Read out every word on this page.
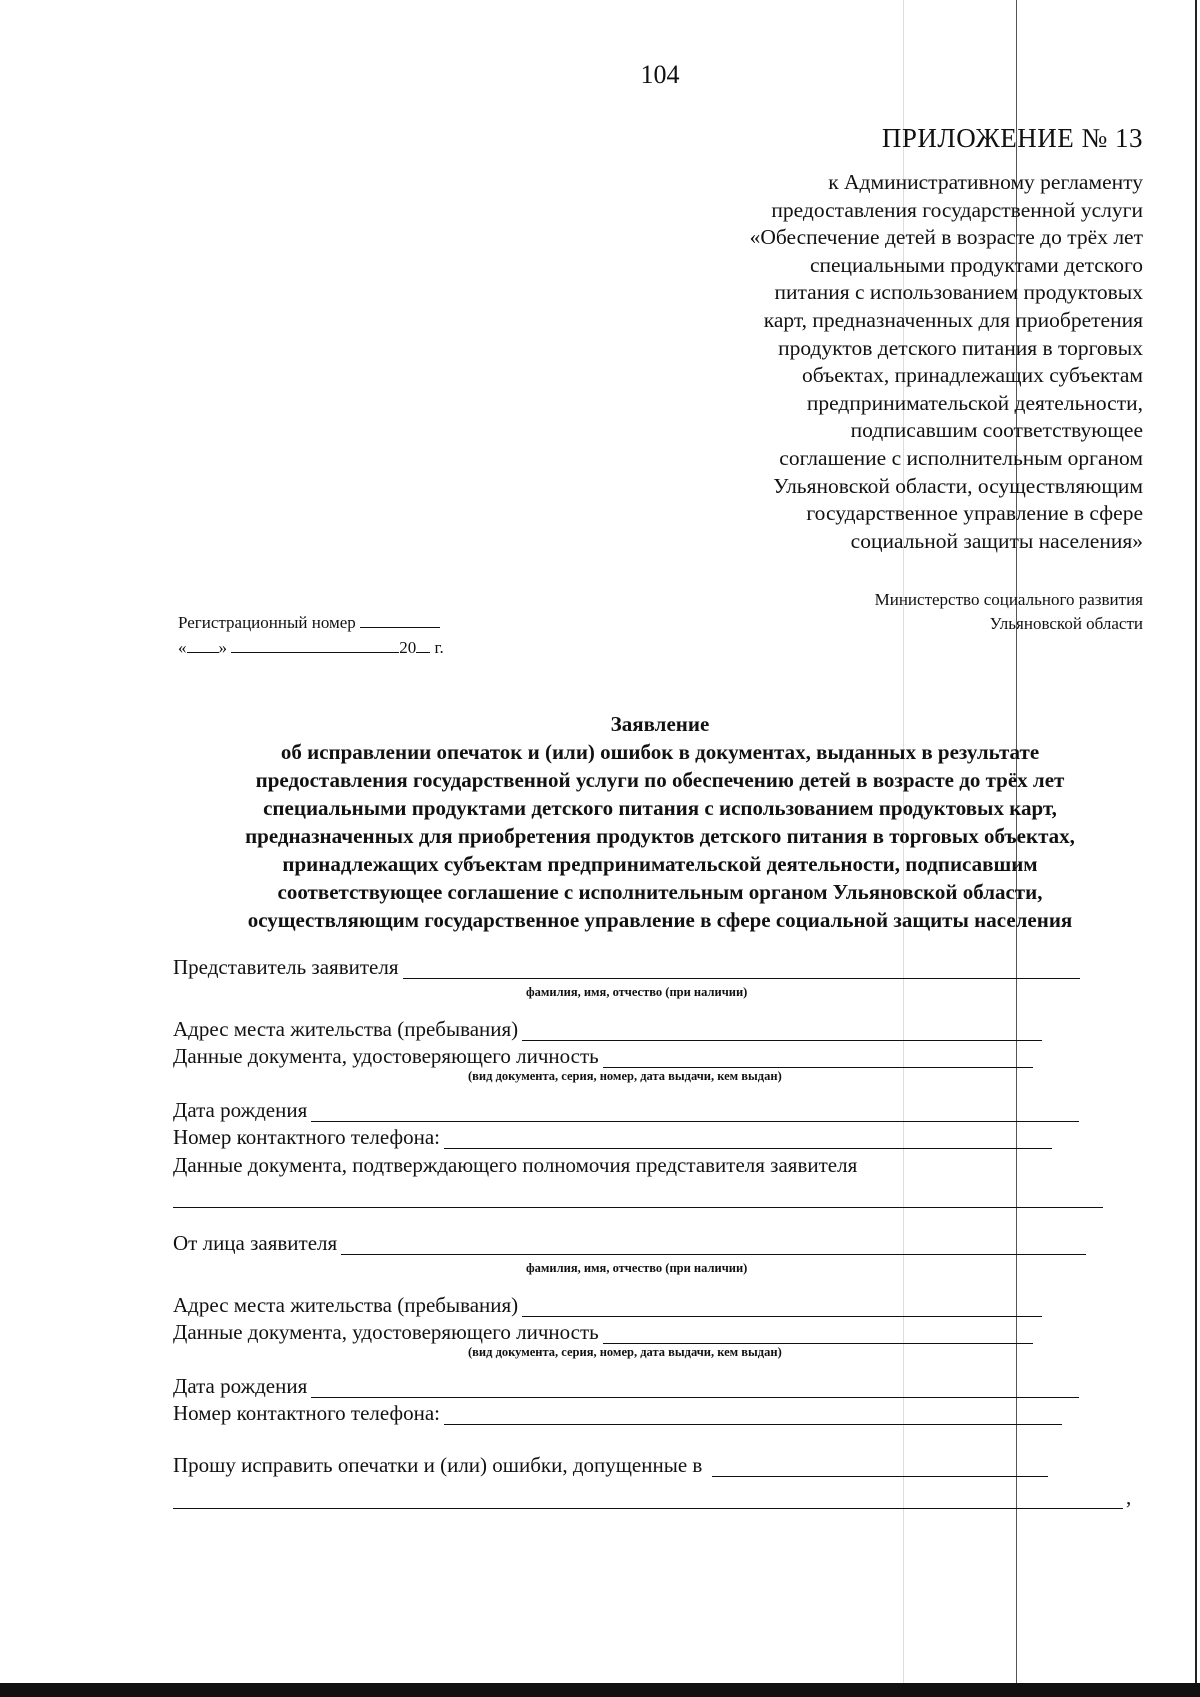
104
ПРИЛОЖЕНИЕ № 13
к Административному регламенту
предоставления государственной услуги
«Обеспечение детей в возрасте до трёх лет
специальными продуктами детского
питания с использованием продуктовых
карт, предназначенных для приобретения
продуктов детского питания в торговых
объектах, принадлежащих субъектам
предпринимательской деятельности,
подписавшим соответствующее
соглашение с исполнительным органом
Ульяновской области, осуществляющим
государственное управление в сфере
социальной защиты населения»
Министерство социального развития
Ульяновской области
Регистрационный номер
« »	20 г.
Заявление
об исправлении опечаток и (или) ошибок в документах, выданных в результате
предоставления государственной услуги по обеспечению детей в возрасте до трёх лет
специальными продуктами детского питания с использованием продуктовых карт,
предназначенных для приобретения продуктов детского питания в торговых объектах,
принадлежащих субъектам предпринимательской деятельности, подписавшим
соответствующее соглашение с исполнительным органом Ульяновской области,
осуществляющим государственное управление в сфере социальной защиты населения
Представитель заявителя
фамилия, имя, отчество (при наличии)
Адрес места жительства (пребывания)
Данные документа, удостоверяющего личность
(вид документа, серия, номер, дата выдачи, кем выдан)
Дата рождения
Номер контактного телефона:
Данные документа, подтверждающего полномочия представителя заявителя
От лица заявителя
фамилия, имя, отчество (при наличии)
Адрес места жительства (пребывания)
Данные документа, удостоверяющего личность
(вид документа, серия, номер, дата выдачи, кем выдан)
Дата рождения
Номер контактного телефона:
Прошу исправить опечатки и (или) ошибки, допущенные в
,
